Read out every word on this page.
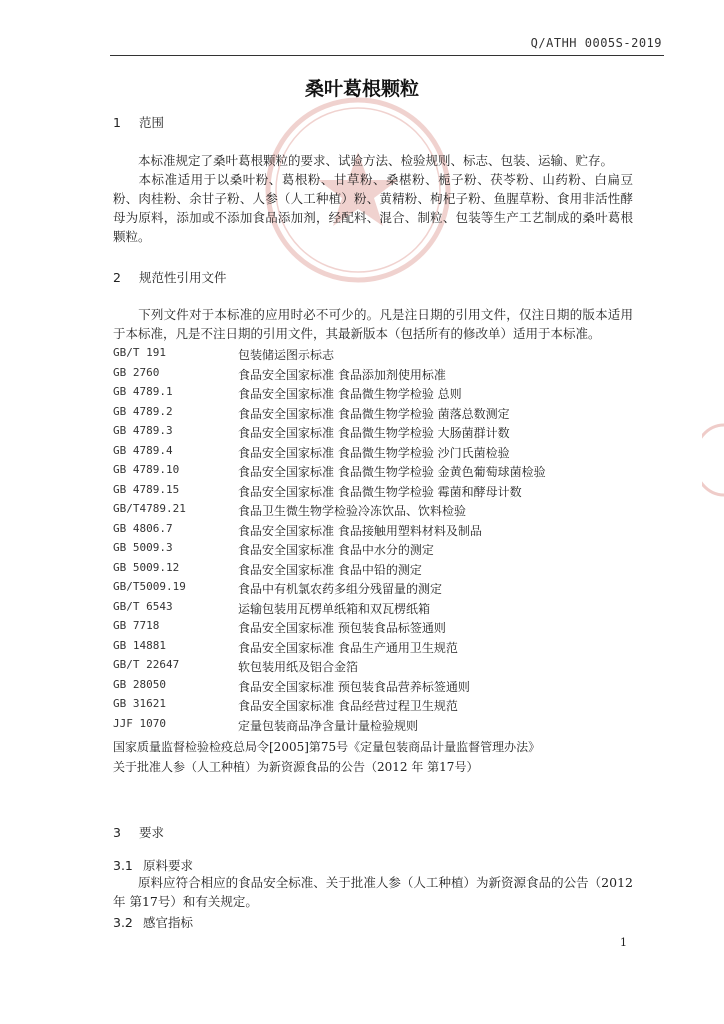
Q/ATHH 0005S-2019
桑叶葛根颗粒
1 范围
本标准规定了桑叶葛根颗粒的要求、试验方法、检验规则、标志、包装、运输、贮存。
本标准适用于以桑叶粉、葛根粉、甘草粉、桑椹粉、栀子粉、茯苓粉、山药粉、白扁豆粉、肉桂粉、余甘子粉、人参（人工种植）粉、黄精粉、枸杞子粉、鱼腥草粉、食用非活性酵母为原料，添加或不添加食品添加剂，经配料、混合、制粒、包装等生产工艺制成的桑叶葛根颗粒。
2 规范性引用文件
下列文件对于本标准的应用时必不可少的。凡是注日期的引用文件，仅注日期的版本适用于本标准，凡是不注日期的引用文件，其最新版本（包括所有的修改单）适用于本标准。
GB/T 191	包装储运图示标志
GB 2760	食品安全国家标准 食品添加剂使用标准
GB 4789.1	食品安全国家标准 食品微生物学检验 总则
GB 4789.2	食品安全国家标准 食品微生物学检验 菌落总数测定
GB 4789.3	食品安全国家标准 食品微生物学检验 大肠菌群计数
GB 4789.4	食品安全国家标准 食品微生物学检验 沙门氏菌检验
GB 4789.10	食品安全国家标准 食品微生物学检验 金黄色葡萄球菌检验
GB 4789.15	食品安全国家标准 食品微生物学检验 霉菌和酵母计数
GB/T4789.21	食品卫生微生物学检验冷冻饮品、饮料检验
GB 4806.7	食品安全国家标准 食品接触用塑料材料及制品
GB 5009.3	食品安全国家标准 食品中水分的测定
GB 5009.12	食品安全国家标准 食品中铅的测定
GB/T5009.19	食品中有机氯农药多组分残留量的测定
GB/T 6543	运输包装用瓦楞单纸箱和双瓦楞纸箱
GB 7718	食品安全国家标准 预包装食品标签通则
GB 14881	食品安全国家标准 食品生产通用卫生规范
GB/T 22647	软包装用纸及铝合金箔
GB 28050	食品安全国家标准 预包装食品营养标签通则
GB 31621	食品安全国家标准 食品经营过程卫生规范
JJF 1070	定量包装商品净含量计量检验规则
国家质量监督检验检疫总局令[2005]第75号《定量包装商品计量监督管理办法》
关于批准人参（人工种植）为新资源食品的公告（2012 年 第17号）
3 要求
3.1 原料要求
原料应符合相应的食品安全标准、关于批准人参（人工种植）为新资源食品的公告（2012年 第17号）和有关规定。
3.2 感官指标
1
